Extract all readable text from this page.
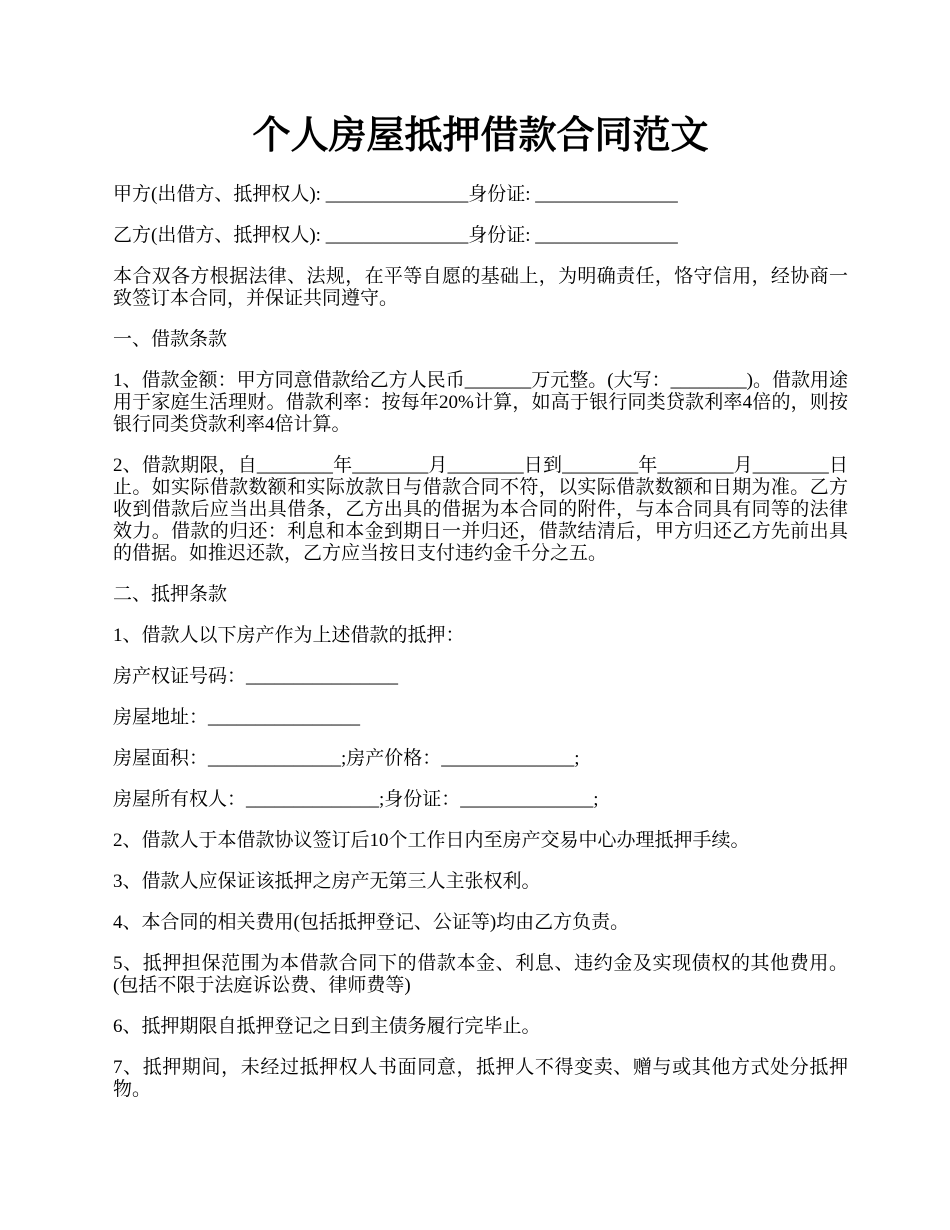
个人房屋抵押借款合同范文

甲方(出借方、抵押权人): _______________身份证: _______________

乙方(出借方、抵押权人): _______________身份证: _______________

本合双各方根据法律、法规，在平等自愿的基础上，为明确责任，恪守信用，经协商一致签订本合同，并保证共同遵守。

一、借款条款

1、借款金额：甲方同意借款给乙方人民币_______万元整。(大写：________)。借款用途用于家庭生活理财。借款利率：按每年20%计算，如高于银行同类贷款利率4倍的，则按银行同类贷款利率4倍计算。

2、借款期限，自________年________月________日到________年________月________日止。如实际借款数额和实际放款日与借款合同不符，以实际借款数额和日期为准。乙方收到借款后应当出具借条，乙方出具的借据为本合同的附件，与本合同具有同等的法律效力。借款的归还：利息和本金到期日一并归还，借款结清后，甲方归还乙方先前出具的借据。如推迟还款，乙方应当按日支付违约金千分之五。

二、抵押条款

1、借款人以下房产作为上述借款的抵押：

房产权证号码：________________

房屋地址：________________

房屋面积：______________;房产价格：______________;

房屋所有权人：______________;身份证：______________;

2、借款人于本借款协议签订后10个工作日内至房产交易中心办理抵押手续。

3、借款人应保证该抵押之房产无第三人主张权利。

4、本合同的相关费用(包括抵押登记、公证等)均由乙方负责。

5、抵押担保范围为本借款合同下的借款本金、利息、违约金及实现债权的其他费用。(包括不限于法庭诉讼费、律师费等)

6、抵押期限自抵押登记之日到主债务履行完毕止。

7、抵押期间，未经过抵押权人书面同意，抵押人不得变卖、赠与或其他方式处分抵押物。
